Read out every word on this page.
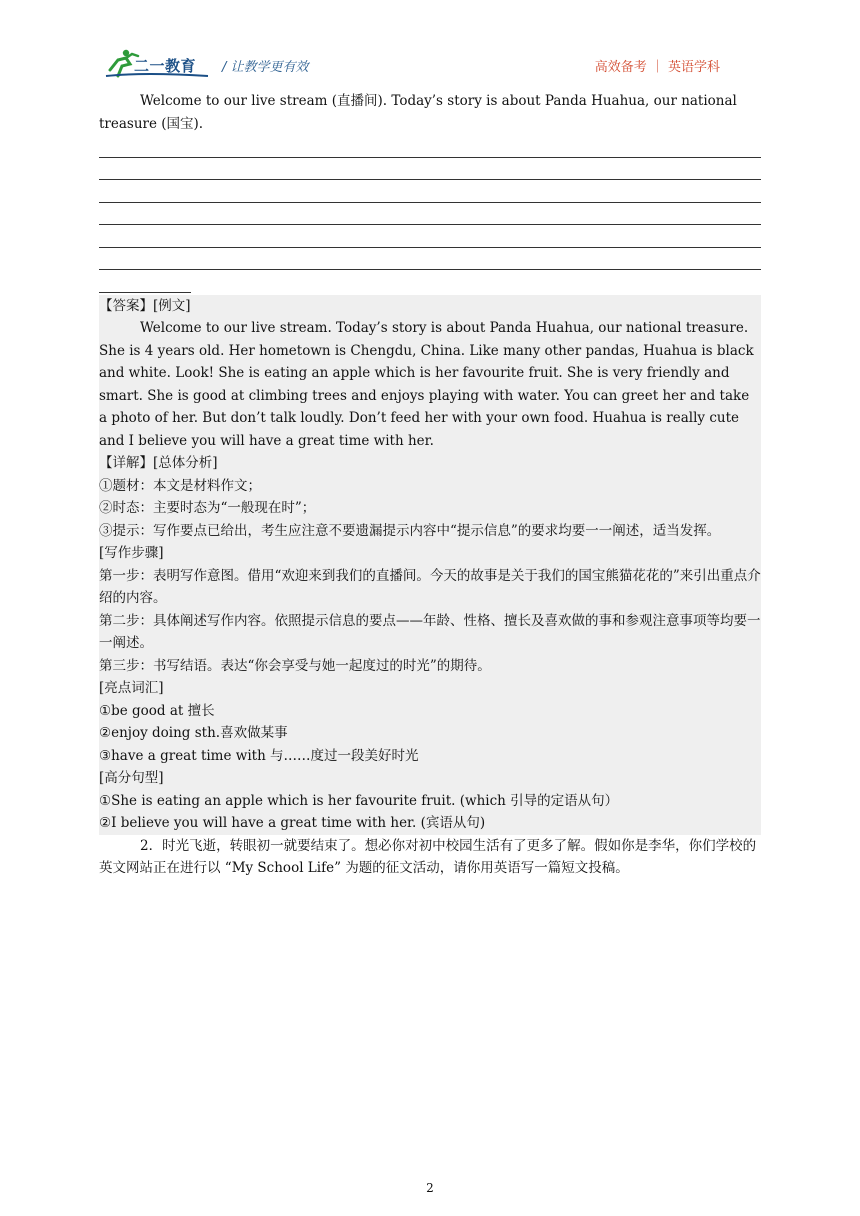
二一教育 / 让教学更有效	高效备考 ｜ 英语学科

Welcome to our live stream (直播间). Today’s story is about Panda Huahua, our national treasure (国宝).

【答案】[例文]

Welcome to our live stream. Today’s story is about Panda Huahua, our national treasure. She is 4 years old. Her hometown is Chengdu, China. Like many other pandas, Huahua is black and white. Look! She is eating an apple which is her favourite fruit. She is very friendly and smart. She is good at climbing trees and enjoys playing with water. You can greet her and take a photo of her. But don’t talk loudly. Don’t feed her with your own food. Huahua is really cute and I believe you will have a great time with her.

【详解】[总体分析]

①题材：本文是材料作文；

②时态：主要时态为“一般现在时”；

③提示：写作要点已给出，考生应注意不要遗漏提示内容中“提示信息”的要求均要一一阐述，适当发挥。

[写作步骤]

第一步：表明写作意图。借用“欢迎来到我们的直播间。今天的故事是关于我们的国宝熊猫花花的”来引出重点介绍的内容。

第二步：具体阐述写作内容。依照提示信息的要点——年龄、性格、擅长及喜欢做的事和参观注意事项等均要一一阐述。

第三步：书写结语。表达“你会享受与她一起度过的时光”的期待。

[亮点词汇]

①be good at 擅长

②enjoy doing sth.喜欢做某事

③have a great time with 与……度过一段美好时光

[高分句型]

①She is eating an apple which is her favourite fruit. (which 引导的定语从句）

②I believe you will have a great time with her. (宾语从句)

2．时光飞逝，转眼初一就要结束了。想必你对初中校园生活有了更多了解。假如你是李华，你们学校的英文网站正在进行以 “My School Life” 为题的征文活动，请你用英语写一篇短文投稿。

2
